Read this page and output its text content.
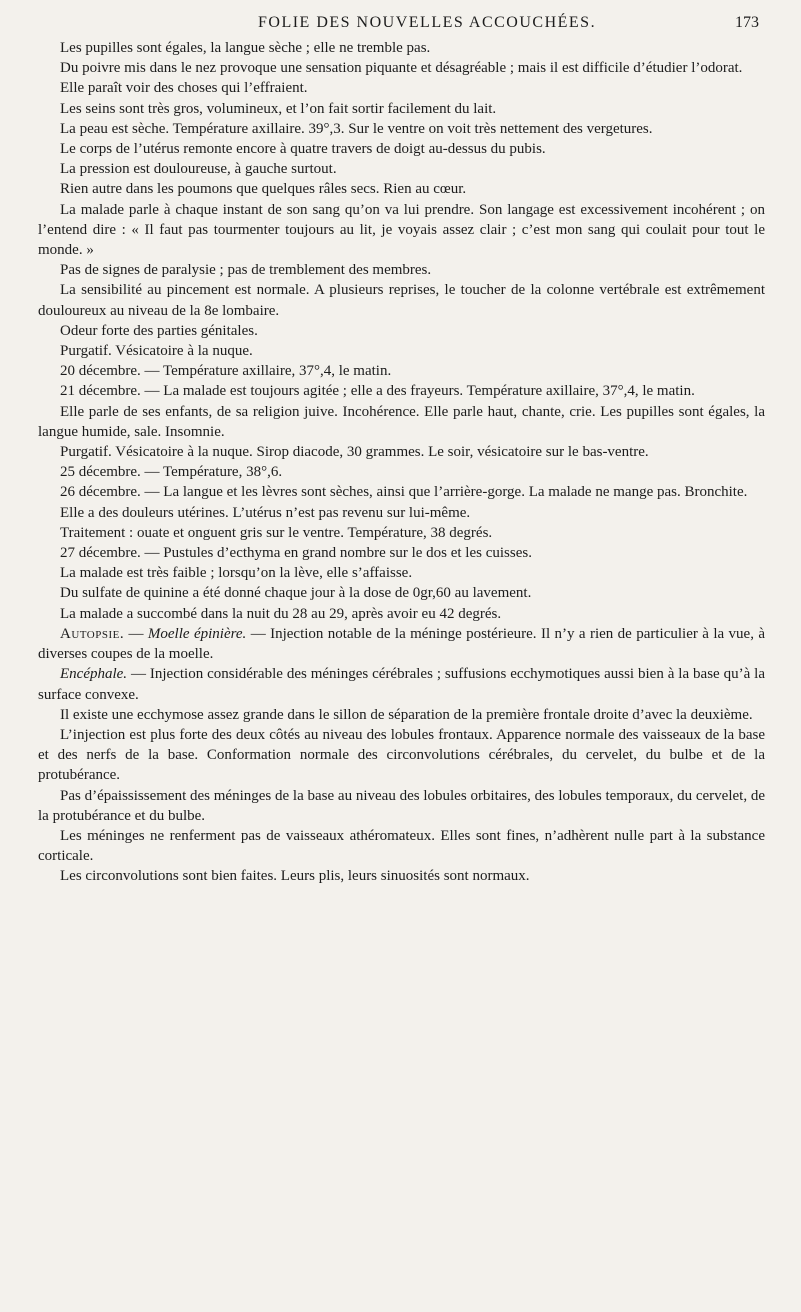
FOLIE DES NOUVELLES ACCOUCHÉES.	173

Les pupilles sont égales, la langue sèche ; elle ne tremble pas.

Du poivre mis dans le nez provoque une sensation piquante et désagréable ; mais il est difficile d’étudier l’odorat.

Elle paraît voir des choses qui l’effraient.

Les seins sont très gros, volumineux, et l’on fait sortir facilement du lait.

La peau est sèche. Température axillaire. 39°,3. Sur le ventre on voit très nettement des vergetures.

Le corps de l’utérus remonte encore à quatre travers de doigt au-dessus du pubis.

La pression est douloureuse, à gauche surtout.

Rien autre dans les poumons que quelques râles secs. Rien au cœur.

La malade parle à chaque instant de son sang qu’on va lui prendre. Son langage est excessivement incohérent ; on l’entend dire : « Il faut pas tourmenter toujours au lit, je voyais assez clair ; c’est mon sang qui coulait pour tout le monde. »

Pas de signes de paralysie ; pas de tremblement des membres.

La sensibilité au pincement est normale. A plusieurs reprises, le toucher de la colonne vertébrale est extrêmement douloureux au niveau de la 8e lombaire.

Odeur forte des parties génitales.

Purgatif. Vésicatoire à la nuque.

20 décembre. — Température axillaire, 37°,4, le matin.

21 décembre. — La malade est toujours agitée ; elle a des frayeurs. Température axillaire, 37°,4, le matin.

Elle parle de ses enfants, de sa religion juive. Incohérence. Elle parle haut, chante, crie. Les pupilles sont égales, la langue humide, sale. Insomnie.

Purgatif. Vésicatoire à la nuque. Sirop diacode, 30 grammes. Le soir, vésicatoire sur le bas-ventre.

25 décembre. — Température, 38°,6.

26 décembre. — La langue et les lèvres sont sèches, ainsi que l’arrière-gorge. La malade ne mange pas. Bronchite.

Elle a des douleurs utérines. L’utérus n’est pas revenu sur lui-même.

Traitement : ouate et onguent gris sur le ventre. Température, 38 degrés.

27 décembre. — Pustules d’ecthyma en grand nombre sur le dos et les cuisses.

La malade est très faible ; lorsqu’on la lève, elle s’affaisse.

Du sulfate de quinine a été donné chaque jour à la dose de 0gr,60 au lavement.

La malade a succombé dans la nuit du 28 au 29, après avoir eu 42 degrés.

Autopsie. — Moelle épinière. — Injection notable de la méninge postérieure. Il n’y a rien de particulier à la vue, à diverses coupes de la moelle.

Encéphale. — Injection considérable des méninges cérébrales ; suffusions ecchymotiques aussi bien à la base qu’à la surface convexe.

Il existe une ecchymose assez grande dans le sillon de séparation de la première frontale droite d’avec la deuxième.

L’injection est plus forte des deux côtés au niveau des lobules frontaux. Apparence normale des vaisseaux de la base et des nerfs de la base. Conformation normale des circonvolutions cérébrales, du cervelet, du bulbe et de la protubérance.

Pas d’épaississement des méninges de la base au niveau des lobules orbitaires, des lobules temporaux, du cervelet, de la protubérance et du bulbe.

Les méninges ne renferment pas de vaisseaux athéromateux. Elles sont fines, n’adhèrent nulle part à la substance corticale.

Les circonvolutions sont bien faites. Leurs plis, leurs sinuosités sont normaux.
